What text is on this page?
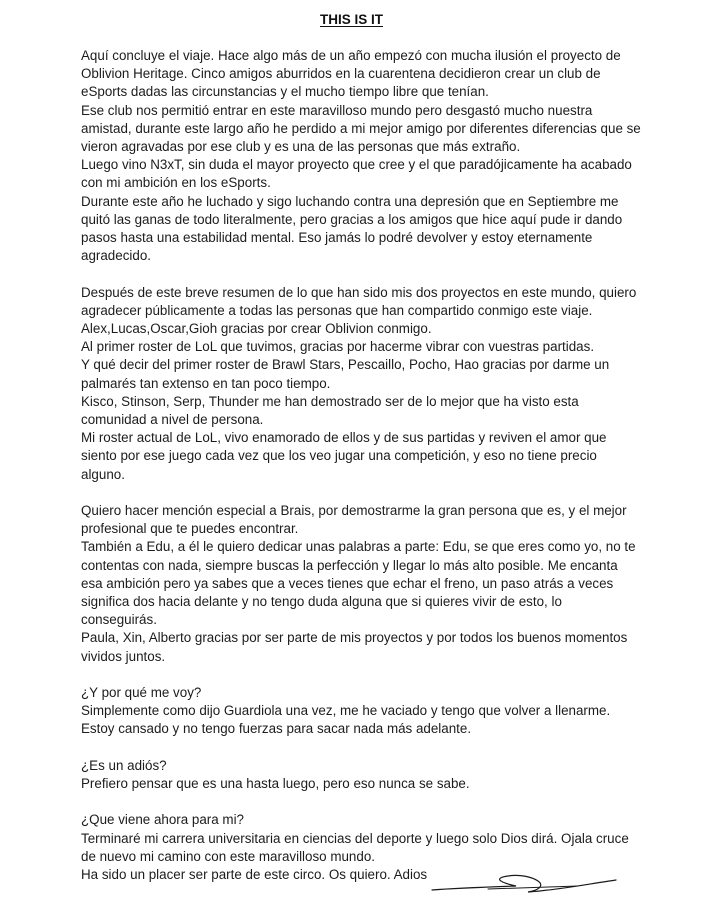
THIS IS IT
Aquí concluye el viaje. Hace algo más de un año empezó con mucha ilusión el proyecto de Oblivion Heritage. Cinco amigos aburridos en la cuarentena decidieron crear un club de eSports dadas las circunstancias y el mucho tiempo libre que tenían.
Ese club nos permitió entrar en este maravilloso mundo pero desgastó mucho nuestra amistad, durante este largo año he perdido a mi mejor amigo por diferentes diferencias que se vieron agravadas por ese club y es una de las personas que más extraño.
Luego vino N3xT, sin duda el mayor proyecto que cree y el que paradójicamente ha acabado con mi ambición en los eSports.
Durante este año he luchado y sigo luchando contra una depresión que en Septiembre me quitó las ganas de todo literalmente, pero gracias a los amigos que hice aquí pude ir dando pasos hasta una estabilidad mental. Eso jamás lo podré devolver y estoy eternamente agradecido.
Después de este breve resumen de lo que han sido mis dos proyectos en este mundo, quiero agradecer públicamente a todas las personas que han compartido conmigo este viaje. Alex,Lucas,Oscar,Gioh gracias por crear Oblivion conmigo.
Al primer roster de LoL que tuvimos, gracias por hacerme vibrar con vuestras partidas.
Y qué decir del primer roster de Brawl Stars, Pescaillo, Pocho, Hao gracias por darme un palmarés tan extenso en tan poco tiempo.
Kisco, Stinson, Serp, Thunder me han demostrado ser de lo mejor que ha visto esta comunidad a nivel de persona.
Mi roster actual de LoL, vivo enamorado de ellos y de sus partidas y reviven el amor que siento por ese juego cada vez que los veo jugar una competición, y eso no tiene precio alguno.
Quiero hacer mención especial a Brais, por demostrarme la gran persona que es, y el mejor profesional que te puedes encontrar.
También a Edu, a él le quiero dedicar unas palabras a parte: Edu, se que eres como yo, no te contentas con nada, siempre buscas la perfección y llegar lo más alto posible. Me encanta esa ambición pero ya sabes que a veces tienes que echar el freno, un paso atrás a veces significa dos hacia delante y no tengo duda alguna que si quieres vivir de esto, lo conseguirás.
Paula, Xin, Alberto gracias por ser parte de mis proyectos y por todos los buenos momentos vividos juntos.
¿Y por qué me voy?
Simplemente como dijo Guardiola una vez, me he vaciado y tengo que volver a llenarme. Estoy cansado y no tengo fuerzas para sacar nada más adelante.
¿Es un adiós?
Prefiero pensar que es una hasta luego, pero eso nunca se sabe.
¿Que viene ahora para mi?
Terminaré mi carrera universitaria en ciencias del deporte y luego solo Dios dirá. Ojala cruce de nuevo mi camino con este maravilloso mundo.
Ha sido un placer ser parte de este circo. Os quiero. Adios
